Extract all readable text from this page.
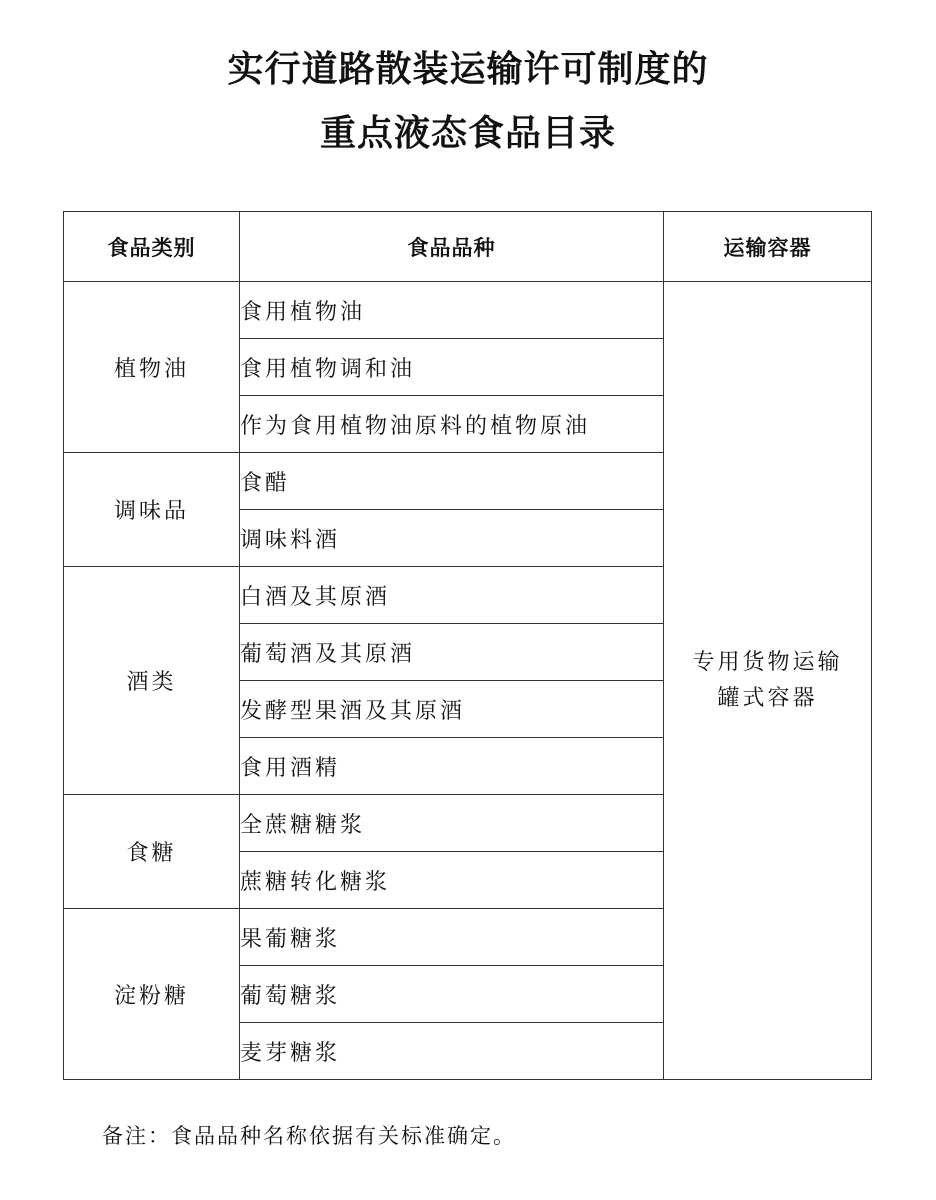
实行道路散装运输许可制度的
重点液态食品目录
食品类别	食品品种	运输容器
植物油	食用植物油	专用货物运输
罐式容器
	食用植物调和油	
	作为食用植物油原料的植物原油	
调味品	食醋	
	调味料酒	
酒类	白酒及其原酒	
	葡萄酒及其原酒	
	发酵型果酒及其原酒	
	食用酒精	
食糖	全蔗糖糖浆	
	蔗糖转化糖浆	
淀粉糖	果葡糖浆	
	葡萄糖浆	
	麦芽糖浆	
备注：食品品种名称依据有关标准确定。
